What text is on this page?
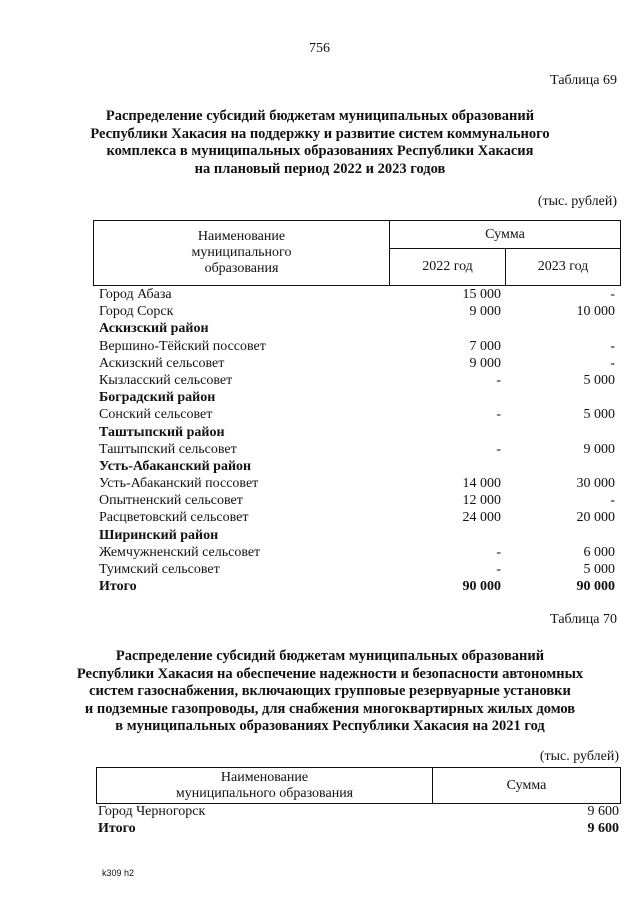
756
Таблица 69
Распределение субсидий бюджетам муниципальных образований
Республики Хакасия на поддержку и развитие систем коммунального
комплекса в муниципальных образованиях Республики Хакасия
на плановый период 2022 и 2023 годов
(тыс. рублей)
Наименование
муниципального
образования	Сумма	
	2022 год	2023 год
Город Абаза	15 000	-
Город Сорск	9 000	10 000
Аскизский район
Вершино-Тёйский поссовет	7 000	-
Аскизский сельсовет	9 000	-
Кызласский сельсовет	-	5 000
Боградский район
Сонский сельсовет	-	5 000
Таштыпский район
Таштыпский сельсовет	-	9 000
Усть-Абаканский район
Усть-Абаканский поссовет	14 000	30 000
Опытненский сельсовет	12 000	-
Расцветовский сельсовет	24 000	20 000
Ширинский район
Жемчужненский сельсовет	-	6 000
Туимский сельсовет	-	5 000
Итого	90 000	90 000
Таблица 70
Распределение субсидий бюджетам муниципальных образований
Республики Хакасия на обеспечение надежности и безопасности автономных
систем газоснабжения, включающих групповые резервуарные установки
и подземные газопроводы, для снабжения многоквартирных жилых домов
в муниципальных образованиях Республики Хакасия на 2021 год
(тыс. рублей)
Наименование
муниципального образования
	Сумма
Город Черногорск	9 600
Итого	9 600
k309 h2
